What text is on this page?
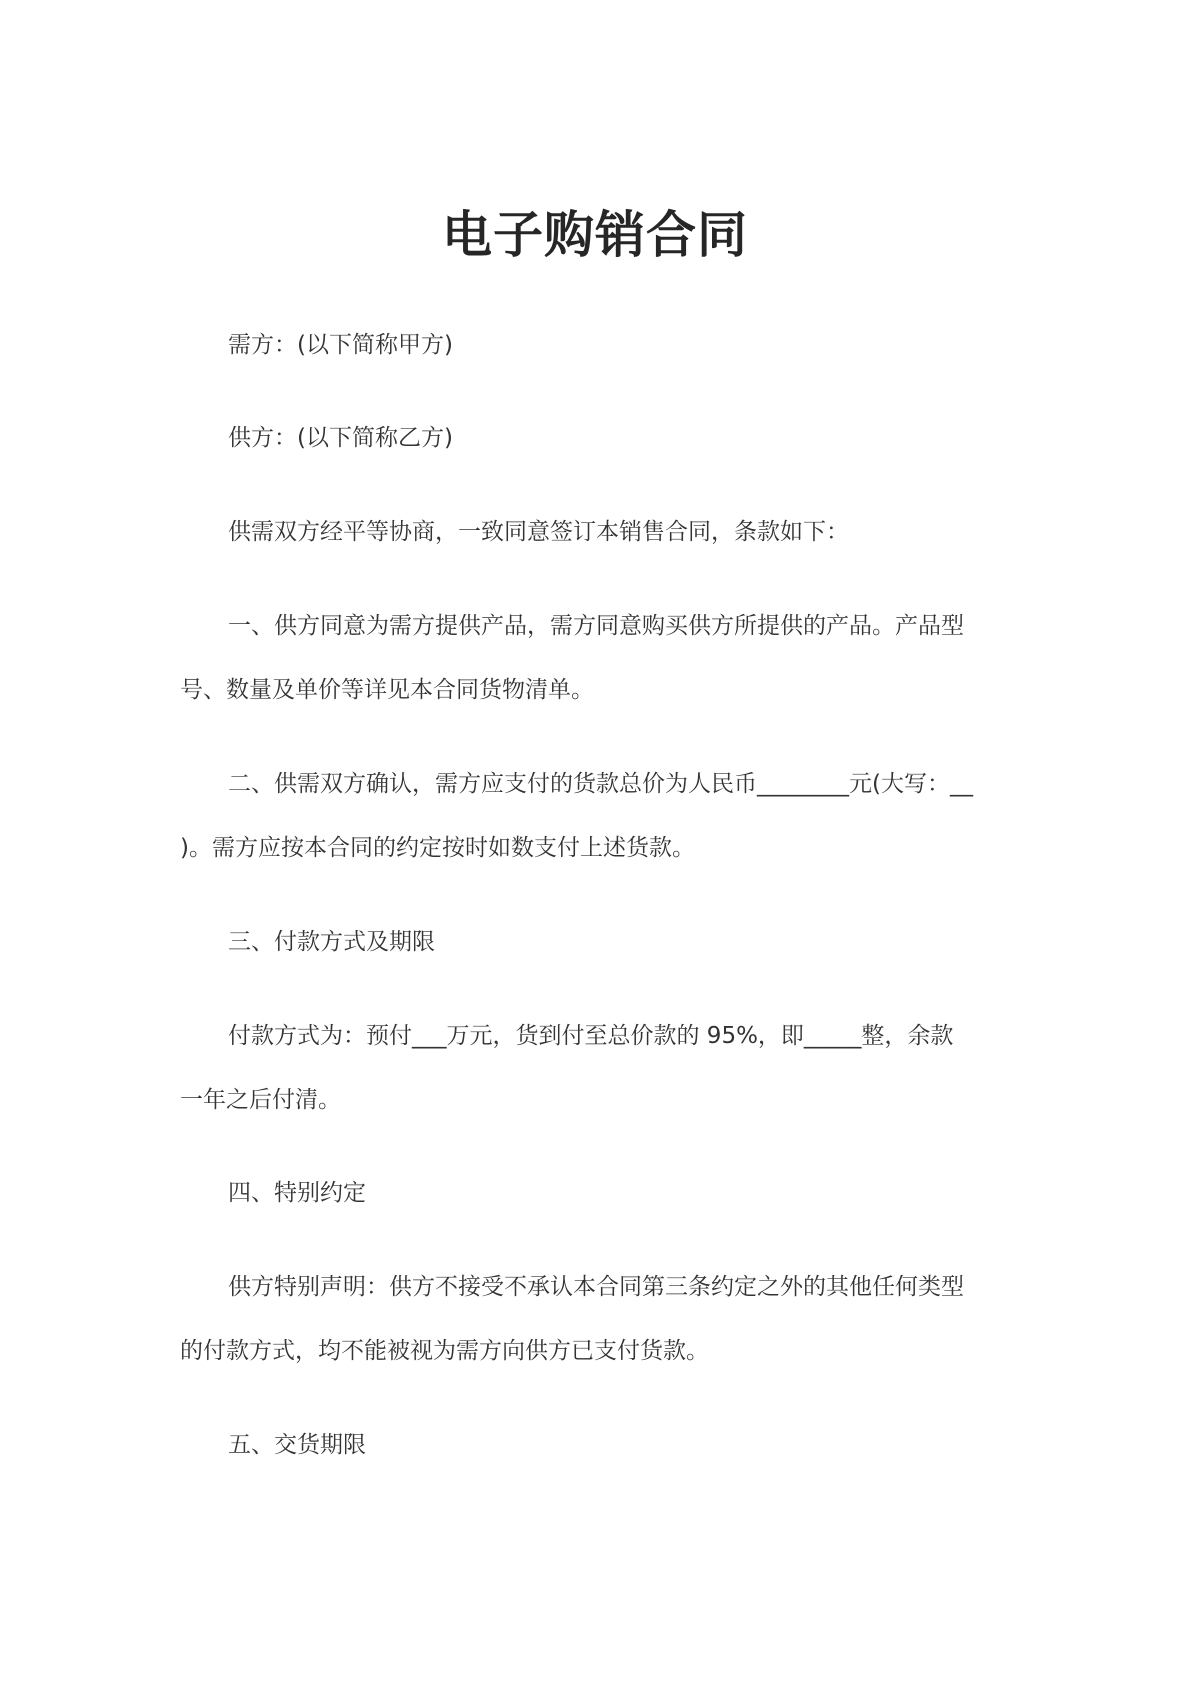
电子购销合同
需方：(以下简称甲方)
供方：(以下简称乙方)
供需双方经平等协商，一致同意签订本销售合同，条款如下：
一、供方同意为需方提供产品，需方同意购买供方所提供的产品。产品型
号、数量及单价等详见本合同货物清单。
二、供需双方确认，需方应支付的货款总价为人民币________元(大写：__
)。需方应按本合同的约定按时如数支付上述货款。
三、付款方式及期限
付款方式为：预付___万元，货到付至总价款的 95%，即_____整，余款
一年之后付清。
四、特别约定
供方特别声明：供方不接受不承认本合同第三条约定之外的其他任何类型
的付款方式，均不能被视为需方向供方已支付货款。
五、交货期限
